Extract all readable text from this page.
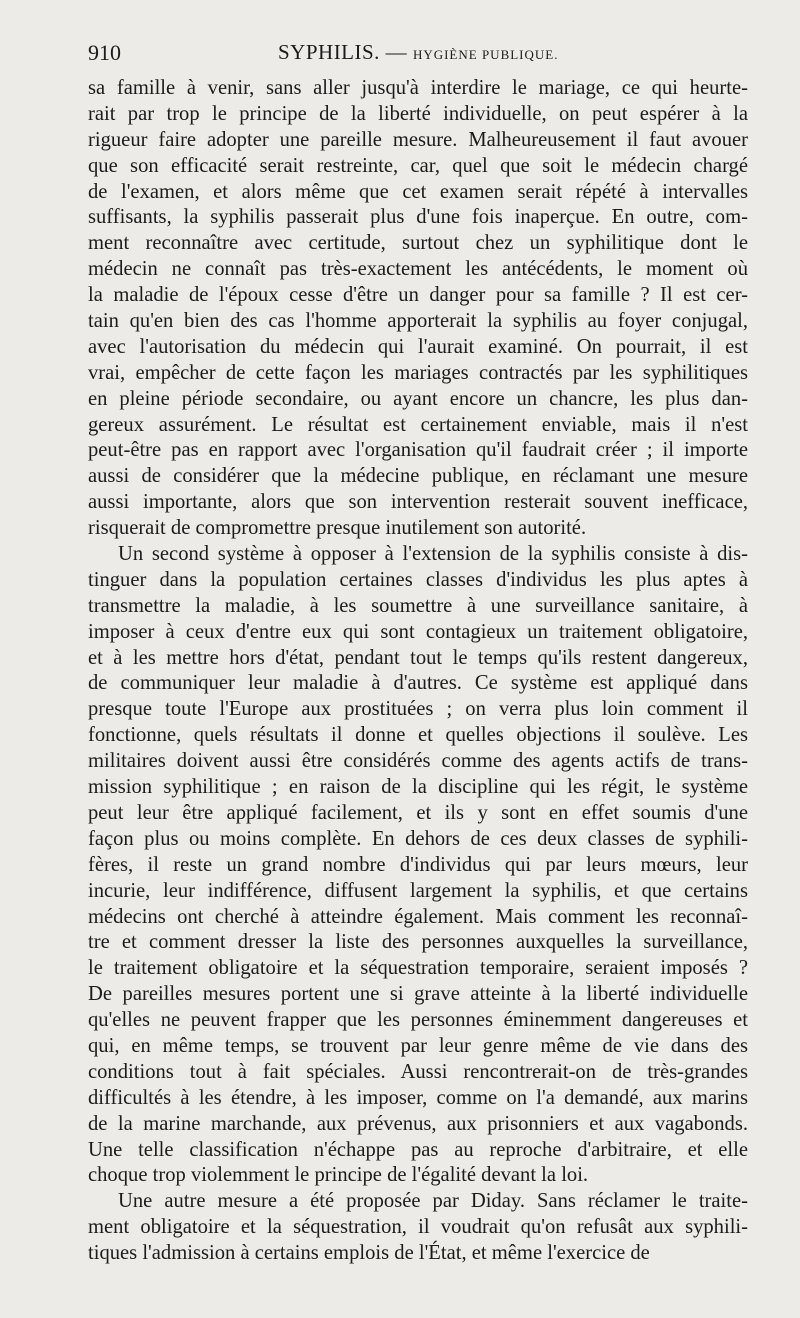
910	SYPHILIS. — HYGIÈNE PUBLIQUE.
sa famille à venir, sans aller jusqu'à interdire le mariage, ce qui heurte-
rait par trop le principe de la liberté individuelle, on peut espérer à la
rigueur faire adopter une pareille mesure. Malheureusement il faut avouer
que son efficacité serait restreinte, car, quel que soit le médecin chargé
de l'examen, et alors même que cet examen serait répété à intervalles
suffisants, la syphilis passerait plus d'une fois inaperçue. En outre, com-
ment reconnaître avec certitude, surtout chez un syphilitique dont le
médecin ne connaît pas très-exactement les antécédents, le moment où
la maladie de l'époux cesse d'être un danger pour sa famille ? Il est cer-
tain qu'en bien des cas l'homme apporterait la syphilis au foyer conjugal,
avec l'autorisation du médecin qui l'aurait examiné. On pourrait, il est
vrai, empêcher de cette façon les mariages contractés par les syphilitiques
en pleine période secondaire, ou ayant encore un chancre, les plus dan-
gereux assurément. Le résultat est certainement enviable, mais il n'est
peut-être pas en rapport avec l'organisation qu'il faudrait créer ; il importe
aussi de considérer que la médecine publique, en réclamant une mesure
aussi importante, alors que son intervention resterait souvent inefficace,
risquerait de compromettre presque inutilement son autorité.
Un second système à opposer à l'extension de la syphilis consiste à dis-
tinguer dans la population certaines classes d'individus les plus aptes à
transmettre la maladie, à les soumettre à une surveillance sanitaire, à
imposer à ceux d'entre eux qui sont contagieux un traitement obligatoire,
et à les mettre hors d'état, pendant tout le temps qu'ils restent dangereux,
de communiquer leur maladie à d'autres. Ce système est appliqué dans
presque toute l'Europe aux prostituées ; on verra plus loin comment il
fonctionne, quels résultats il donne et quelles objections il soulève. Les
militaires doivent aussi être considérés comme des agents actifs de trans-
mission syphilitique ; en raison de la discipline qui les régit, le système
peut leur être appliqué facilement, et ils y sont en effet soumis d'une
façon plus ou moins complète. En dehors de ces deux classes de syphili-
fères, il reste un grand nombre d'individus qui par leurs mœurs, leur
incurie, leur indifférence, diffusent largement la syphilis, et que certains
médecins ont cherché à atteindre également. Mais comment les reconnaî-
tre et comment dresser la liste des personnes auxquelles la surveillance,
le traitement obligatoire et la séquestration temporaire, seraient imposés ?
De pareilles mesures portent une si grave atteinte à la liberté individuelle
qu'elles ne peuvent frapper que les personnes éminemment dangereuses et
qui, en même temps, se trouvent par leur genre même de vie dans des
conditions tout à fait spéciales. Aussi rencontrerait-on de très-grandes
difficultés à les étendre, à les imposer, comme on l'a demandé, aux marins
de la marine marchande, aux prévenus, aux prisonniers et aux vagabonds.
Une telle classification n'échappe pas au reproche d'arbitraire, et elle
choque trop violemment le principe de l'égalité devant la loi.
Une autre mesure a été proposée par Diday. Sans réclamer le traite-
ment obligatoire et la séquestration, il voudrait qu'on refusât aux syphili-
tiques l'admission à certains emplois de l'État, et même l'exercice de
